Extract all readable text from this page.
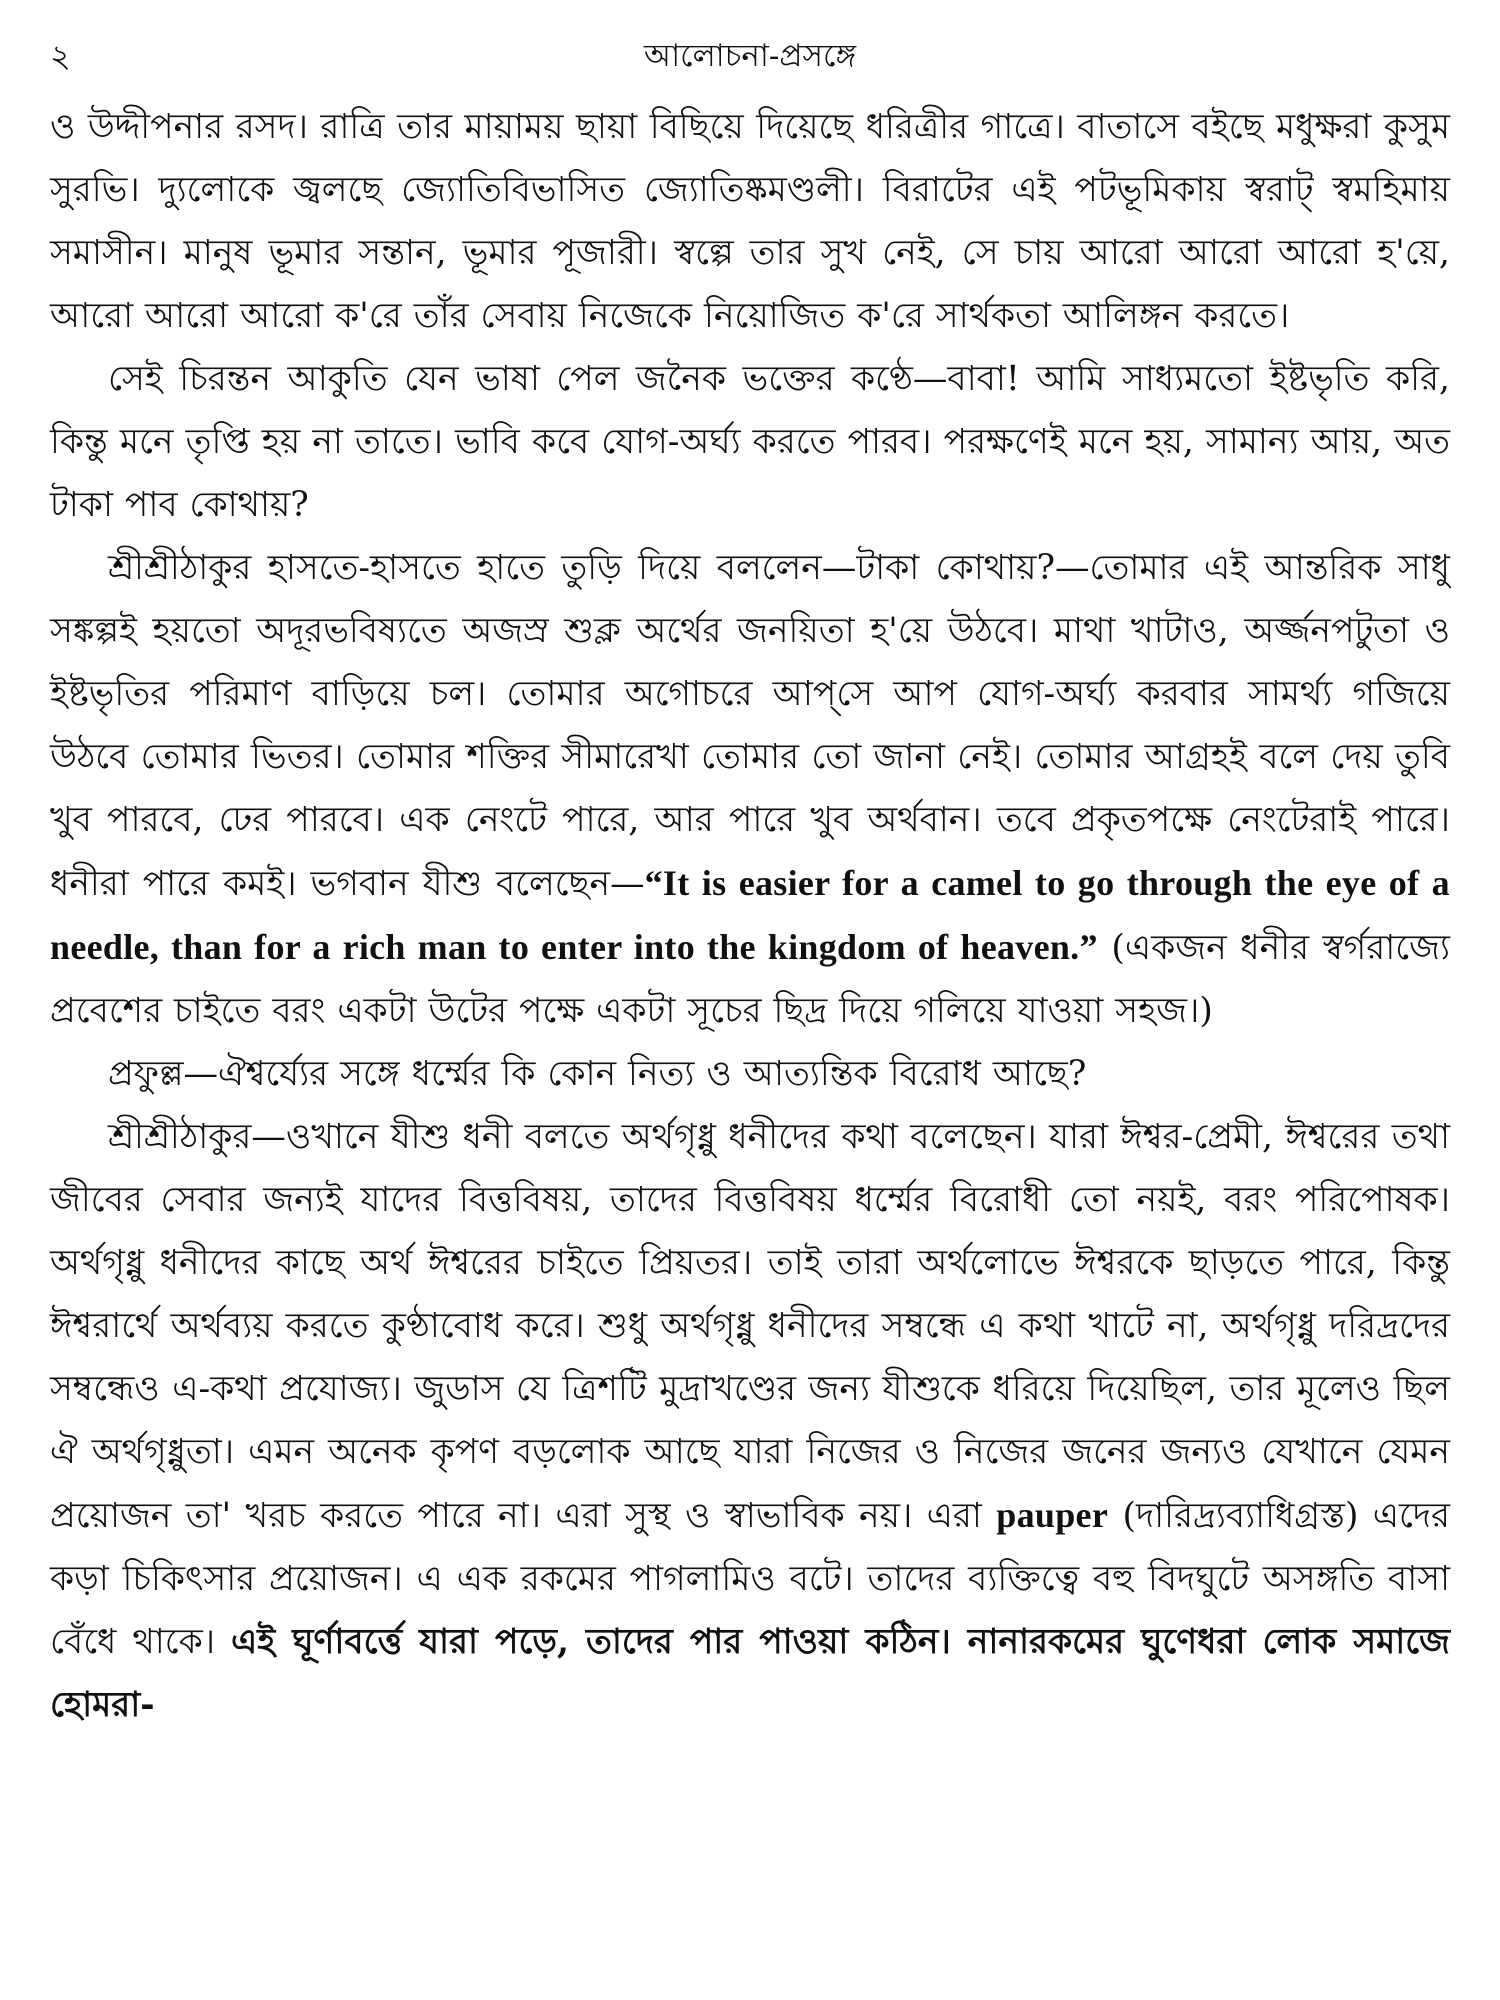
২	আলোচনা-প্রসঙ্গে

ও উদ্দীপনার রসদ। রাত্রি তার মায়াময় ছায়া বিছিয়ে দিয়েছে ধরিত্রীর গাত্রে। বাতাসে বইছে মধুক্ষরা কুসুম সুরভি। দ্যুলোকে জ্বলছে জ্যোতিবিভাসিত জ্যোতিষ্কমণ্ডলী। বিরাটের এই পটভূমিকায় স্বরাট্ স্বমহিমায় সমাসীন। মানুষ ভূমার সন্তান, ভূমার পূজারী। স্বল্পে তার সুখ নেই, সে চায় আরো আরো আরো হ'য়ে, আরো আরো আরো ক'রে তাঁর সেবায় নিজেকে নিয়োজিত ক'রে সার্থকতা আলিঙ্গন করতে।

সেই চিরন্তন আকুতি যেন ভাষা পেল জনৈক ভক্তের কণ্ঠে—বাবা! আমি সাধ্যমতো ইষ্টভৃতি করি, কিন্তু মনে তৃপ্তি হয় না তাতে। ভাবি কবে যোগ-অর্ঘ্য করতে পারব। পরক্ষণেই মনে হয়, সামান্য আয়, অত টাকা পাব কোথায়?

শ্রীশ্রীঠাকুর হাসতে-হাসতে হাতে তুড়ি দিয়ে বললেন—টাকা কোথায়?—তোমার এই আন্তরিক সাধু সঙ্কল্পই হয়তো অদূরভবিষ্যতে অজস্র শুক্ল অর্থের জনয়িতা হ'য়ে উঠবে। মাথা খাটাও, অর্জ্জনপটুতা ও ইষ্টভৃতির পরিমাণ বাড়িয়ে চল। তোমার অগোচরে আপ্‌সে আপ যোগ-অর্ঘ্য করবার সামর্থ্য গজিয়ে উঠবে তোমার ভিতর। তোমার শক্তির সীমারেখা তোমার তো জানা নেই। তোমার আগ্রহই বলে দেয় তুবি খুব পারবে, ঢের পারবে। এক নেংটে পারে, আর পারে খুব অর্থবান। তবে প্রকৃতপক্ষে নেংটেরাই পারে। ধনীরা পারে কমই। ভগবান যীশু বলেছেন—“It is easier for a camel to go through the eye of a needle, than for a rich man to enter into the kingdom of heaven.” (একজন ধনীর স্বর্গরাজ্যে প্রবেশের চাইতে বরং একটা উটের পক্ষে একটা সূচের ছিদ্র দিয়ে গলিয়ে যাওয়া সহজ।)

প্রফুল্ল—ঐশ্বর্য্যের সঙ্গে ধর্ম্মের কি কোন নিত্য ও আত্যন্তিক বিরোধ আছে?

শ্রীশ্রীঠাকুর—ওখানে যীশু ধনী বলতে অর্থগৃধ্নু ধনীদের কথা বলেছেন। যারা ঈশ্বর-প্রেমী, ঈশ্বরের তথা জীবের সেবার জন্যই যাদের বিত্তবিষয়, তাদের বিত্তবিষয় ধর্ম্মের বিরোধী তো নয়ই, বরং পরিপোষক। অর্থগৃধ্নু ধনীদের কাছে অর্থ ঈশ্বরের চাইতে প্রিয়তর। তাই তারা অর্থলোভে ঈশ্বরকে ছাড়তে পারে, কিন্তু ঈশ্বরার্থে অর্থব্যয় করতে কুণ্ঠাবোধ করে। শুধু অর্থগৃধ্নু ধনীদের সম্বন্ধে এ কথা খাটে না, অর্থগৃধ্নু দরিদ্রদের সম্বন্ধেও এ-কথা প্রযোজ্য। জুডাস যে ত্রিশটি মুদ্রাখণ্ডের জন্য যীশুকে ধরিয়ে দিয়েছিল, তার মূলেও ছিল ঐ অর্থগৃধ্নুতা। এমন অনেক কৃপণ বড়লোক আছে যারা নিজের ও নিজের জনের জন্যও যেখানে যেমন প্রয়োজন তা' খরচ করতে পারে না। এরা সুস্থ ও স্বাভাবিক নয়। এরা pauper (দারিদ্র্যব্যাধিগ্রস্ত) এদের কড়া চিকিৎসার প্রয়োজন। এ এক রকমের পাগলামিও বটে। তাদের ব্যক্তিত্বে বহু বিদঘুটে অসঙ্গতি বাসা বেঁধে থাকে। এই ঘূর্ণাবর্ত্তে যারা পড়ে, তাদের পার পাওয়া কঠিন। নানারকমের ঘুণেধরা লোক সমাজে হোমরা-
